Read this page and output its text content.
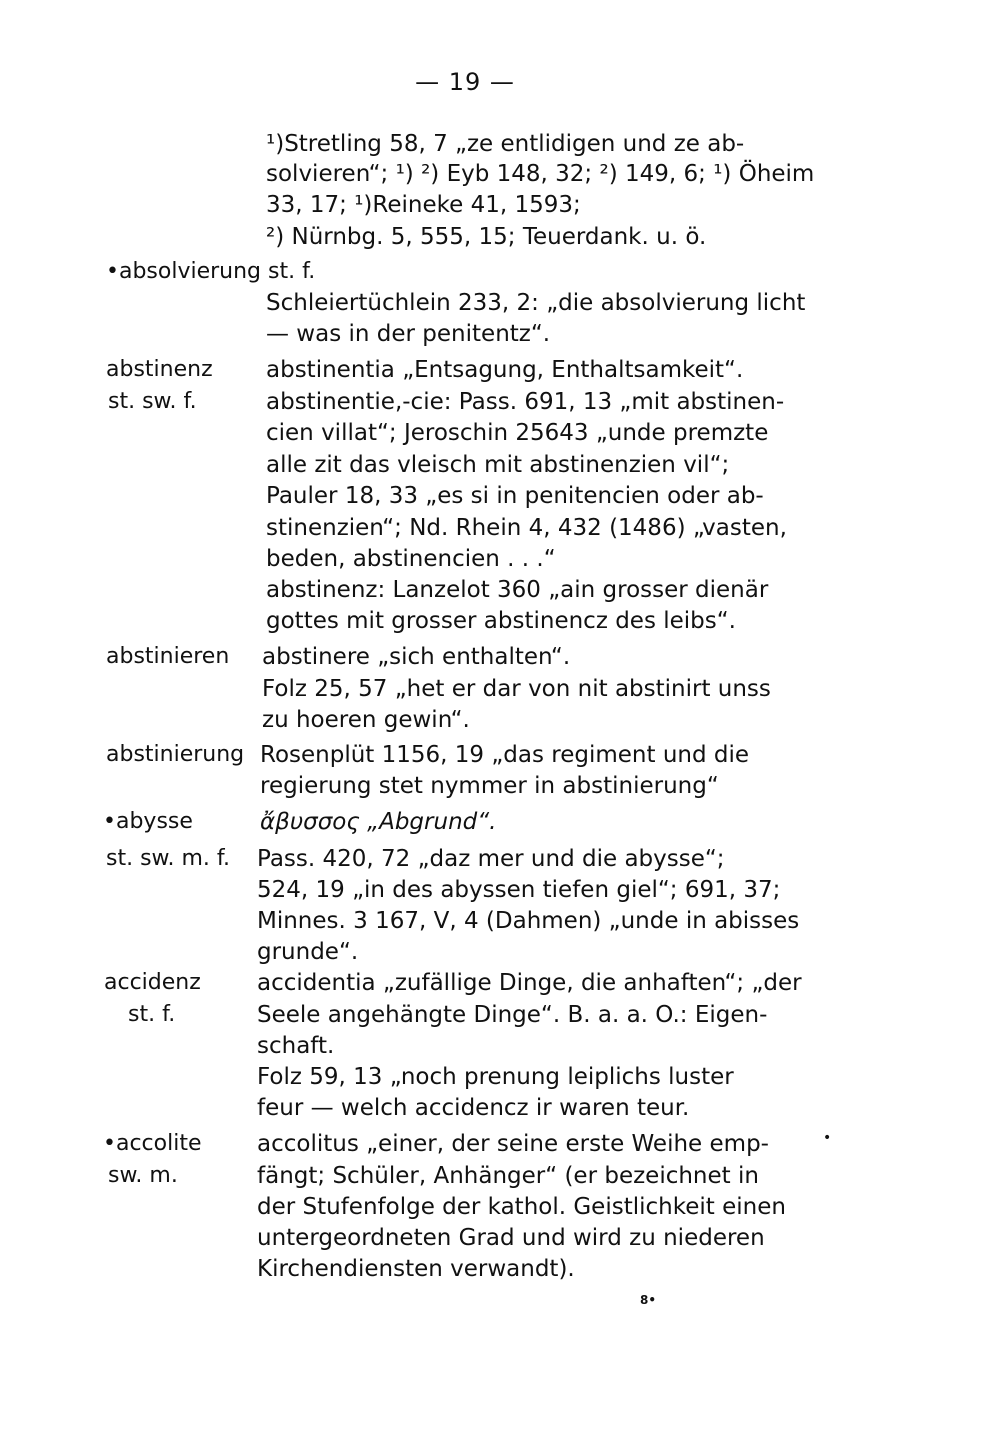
— 19 —
¹)Stretling 58, 7 „ze entlidigen und ze ab-
solvieren“; ¹) ²) Eyb 148, 32; ²) 149, 6; ¹) Öheim
33, 17; ¹)Reineke 41, 1593;
²) Nürnbg. 5, 555, 15; Teuerdank. u. ö.
•absolvierung st. f.
Schleiertüchlein 233, 2: „die absolvierung licht
— was in der penitentz“.
abstinenz
st. sw. f.
abstinentia „Entsagung, Enthaltsamkeit“.
abstinentie,-cie: Pass. 691, 13 „mit abstinen-
cien villat“; Jeroschin 25643 „unde premzte
alle zit das vleisch mit abstinenzien vil“;
Pauler 18, 33 „es si in penitencien oder ab-
stinenzien“; Nd. Rhein 4, 432 (1486) „vasten,
beden, abstinencien . . .“
abstinenz: Lanzelot 360 „ain grosser dienär
gottes mit grosser abstinencz des leibs“.
abstinieren abstinere „sich enthalten“.
Folz 25, 57 „het er dar von nit abstinirt unss
zu hoeren gewin“.
abstinierung Rosenplüt 1156, 19 „das regiment und die
regierung stet nymmer in abstinierung“
•abysse	ἄβυσσος „Abgrund“.
st. sw. m. f. Pass. 420, 72 „daz mer und die abysse“;
524, 19 „in des abyssen tiefen giel“; 691, 37;
Minnes. 3 167, V, 4 (Dahmen) „unde in abisses
grunde“.
accidenz
st. f.
accidentia „zufällige Dinge, die anhaften“; „der
Seele angehängte Dinge“. B. a. a. O.: Eigen-
schaft.
Folz 59, 13 „noch prenung leiplichs luster
feur — welch accidencz ir waren teur.
•accolite
sw. m.
accolitus „einer, der seine erste Weihe emp-
fängt; Schüler, Anhänger“ (er bezeichnet in
der Stufenfolge der kathol. Geistlichkeit einen
untergeordneten Grad und wird zu niederen
Kirchendiensten verwandt).
•
8•
